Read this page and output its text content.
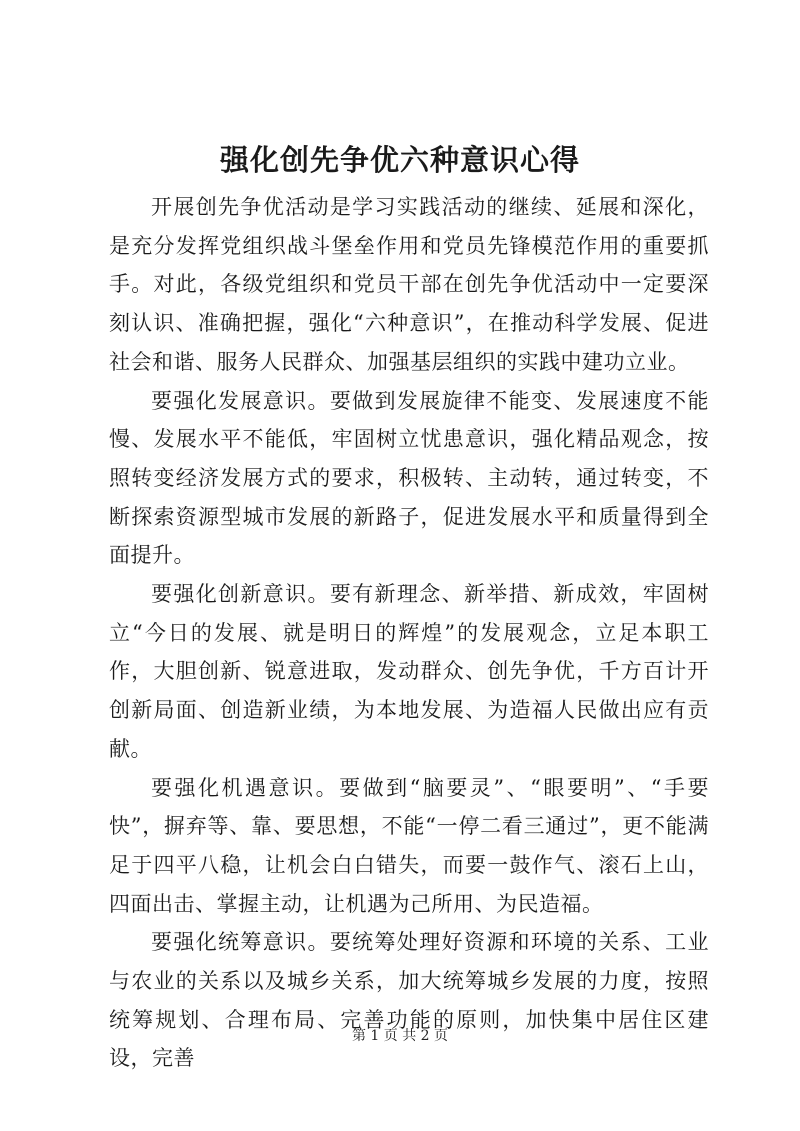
强化创先争优六种意识心得

开展创先争优活动是学习实践活动的继续、延展和深化，是充分发挥党组织战斗堡垒作用和党员先锋模范作用的重要抓手。对此，各级党组织和党员干部在创先争优活动中一定要深刻认识、准确把握，强化“六种意识”，在推动科学发展、促进社会和谐、服务人民群众、加强基层组织的实践中建功立业。

要强化发展意识。要做到发展旋律不能变、发展速度不能慢、发展水平不能低，牢固树立忧患意识，强化精品观念，按照转变经济发展方式的要求，积极转、主动转，通过转变，不断探索资源型城市发展的新路子，促进发展水平和质量得到全面提升。

要强化创新意识。要有新理念、新举措、新成效，牢固树立“今日的发展、就是明日的辉煌”的发展观念，立足本职工作，大胆创新、锐意进取，发动群众、创先争优，千方百计开创新局面、创造新业绩，为本地发展、为造福人民做出应有贡献。

要强化机遇意识。要做到“脑要灵”、“眼要明”、“手要快”，摒弃等、靠、要思想，不能“一停二看三通过”，更不能满足于四平八稳，让机会白白错失，而要一鼓作气、滚石上山，四面出击、掌握主动，让机遇为己所用、为民造福。

要强化统筹意识。要统筹处理好资源和环境的关系、工业与农业的关系以及城乡关系，加大统筹城乡发展的力度，按照统筹规划、合理布局、完善功能的原则，加快集中居住区建设，完善

第 1 页 共 2 页
